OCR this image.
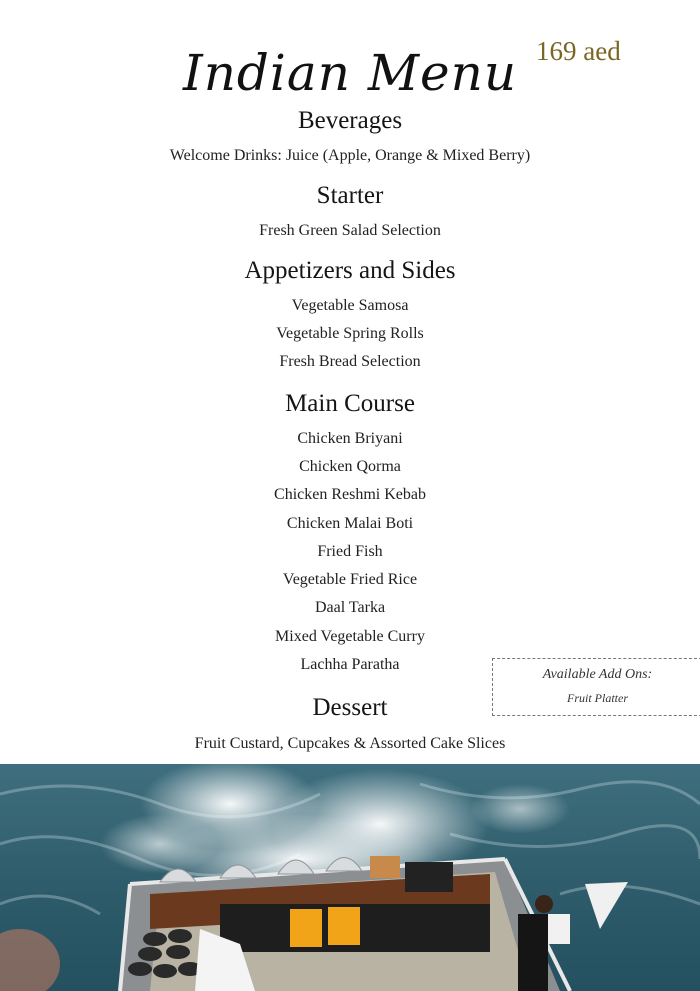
Indian Menu 169 aed
Beverages
Welcome Drinks: Juice (Apple, Orange & Mixed Berry)
Starter
Fresh Green Salad Selection
Appetizers and Sides
Vegetable Samosa
Vegetable Spring Rolls
Fresh Bread Selection
Main Course
Chicken Briyani
Chicken Qorma
Chicken Reshmi Kebab
Chicken Malai Boti
Fried Fish
Vegetable Fried Rice
Daal Tarka
Mixed Vegetable Curry
Lachha Paratha
Available Add Ons:
Fruit Platter
Dessert
Fruit Custard, Cupcakes & Assorted Cake Slices
